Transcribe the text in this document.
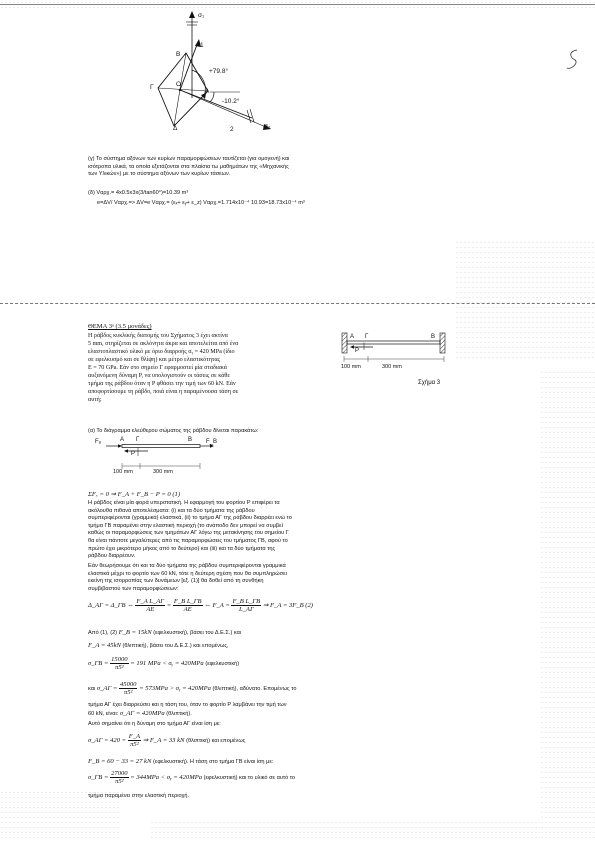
σ₁
1
B
O
A
Γ
Δ
+79.8°
-10.2°
2	σ₂
(γ) Το σύστημα αξόνων των κυρίων παραμορφώσεων ταυτίζεται (για ομογενή) και
ισότροπα υλικά, τα οποία εξετάζονται στα πλαίσια τω μαθημάτων της «Μηχανικής
των Υλικών») με το σύστημα αξόνων των κυρίων τάσεων.
(δ) Vαρχ.= 4x0.5x3x(3/tan60°)=10.39 m³
e=ΔV/ Vαρχ.=> ΔV=e Vαρχ.= (εₓ+ εᵧ+ ε_z) Vαρχ.=1.714x10⁻⁴ 10.93=18.73x10⁻⁴ m³
ΘΕΜΑ 3ᵒ (3.5 μονάδες)
Η ράβδος κυκλικής διατομής του Σχήματος 3 έχει ακτίνα
5 mm, στηρίζεται σε ακλόνητα άκρα και αποτελείται από ένα
ελαστοπλαστικό υλικό με όριο διαρροής σᵧ = 420 MPa (ίδιο
σε εφελκυσμό και σε θλίψη) και μέτρο ελαστικότητας
E = 70 GPa. Εάν στο σημείο Γ εφαρμοστεί μία σταδιακά
αυξανόμενη δύναμη P, να υπολογιστούν οι τάσεις σε κάθε
τμήμα της ράβδου όταν η P φθάσει την τιμή των 60 kN. Εάν
αποφορτίσουμε τη ράβδο, ποιά είναι η παραμένουσα τάση σε
αυτή;
A Γ	B
P
100 mm	300 mm
Σχήμα 3
(α) Το διάγραμμα ελεύθερου σώματος της ράβδου δίνεται παρακάτω:
Fₐ	A Γ	B F_B
P
100 mm	300 mm
ΣFₓ = 0 ⇒ F_A + F_B − P = 0 (1)
Η ράβδος είναι μία φορά υπερστατική. Η εφαρμογή του φορτίου P επιφέρει τα
ακόλουθα πιθανά αποτελέσματα: (i) και τα δύο τμήματα της ράβδου
συμπεριφέρονται (γραμμικά) ελαστικά, (ii) το τμήμα ΑΓ της ράβδου διαρρέει ενώ το
τμήμα ΓΒ παραμένει στην ελαστική περιοχή (το ανάποδο δεν μπορεί να συμβεί
καθώς οι παραμορφώσεις των τμημάτων ΑΓ λόγω της μετακίνησης του σημείου Γ
θα είναι πάντοτε μεγαλύτερες από τις παραμορφώσεις του τμήματος ΓΒ, αφού το
πρώτο έχει μικρότερο μήκος από το δεύτερο) και (iii) και τα δύο τμήματα της
ράβδου διαρρέουν.
Εάν θεωρήσουμε ότι και τα δύο τμήματα της ράβδου συμπεριφέρονται γραμμικά
ελαστικά μέχρι το φορτίο των 60 kN, τότε η δεύτερη σχέση που θα συμπληρώσει
εκείνη της ισορροπίας των δυνάμεων [εξ. (1)] θα δοθεί από τη συνθήκη
συμβιβαστού των παραμορφώσεων:
Δ_ΑΓ = Δ_ΓΒ ⇔ $\frac{\text{F\_A L\_ΑΓ}}{AE} = \frac{\text{F\_B L\_ΓΒ}}{AE}$ ⇔ F_A = $\frac{\text{F\_B L\_ΓΒ}}{L\_A\Gamma}$ ⇒ F_A = 3F_B (2)
Από (1), (2) F_B = 15kN (εφελκυστική), βάσει του Δ.Ε.Σ.) και
F_A = 45kN (θλιπτική), βάσει του Δ.Ε.Σ.) και επομένως,
σ_ΓΒ = $\frac{15000}{\text{π5²}} = 191$ MPa < σᵧ = 420MPa (εφελκυστική)
και σ_ΑΓ = $\frac{45000}{\text{π5²}} = 573MPa$ > σᵧ = 420MPa (θλιπτική), αδύνατο. Επομένως το
τμήμα ΑΓ έχει διαρρεύσει και η τάση του, όταν το φορτίο P λαμβάνει την τιμή των
60 kN, είναι: σ_ΑΓ = 420MPa (θλιπτική).
Αυτό σημαίνει ότι η δύναμη στο τμήμα ΑΓ είναι ίση με:
σ_ΑΓ = $420 = \frac{F\_A}{\text{π5²}}$ ⇒ F_A = 33 kN (θλιπτική) και επομένως
F_B = 60 − 33 = 27 kN (εφελκυστική). Η τάση στο τμήμα ΓΒ είναι ίση με:
σ_ΓΒ = $\frac{27000}{\text{π5²}} = 344MPa$ < σᵧ = 420MPa (εφελκυστική) και το υλικό σε αυτό το
τμήμα παραμένει στην ελαστική περιοχή.
